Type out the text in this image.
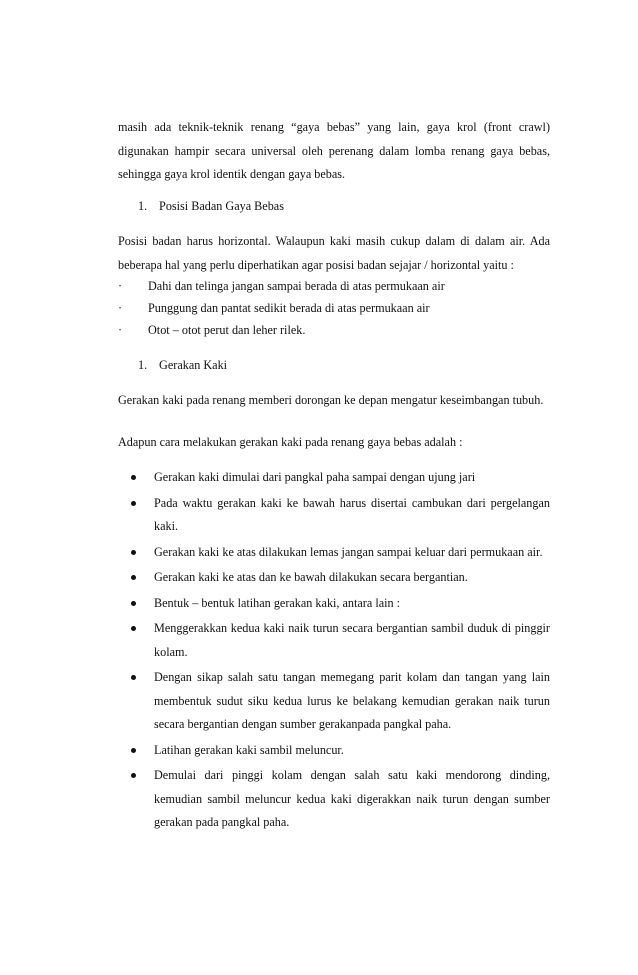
masih ada teknik-teknik renang “gaya bebas” yang lain, gaya krol (front crawl) digunakan hampir secara universal oleh perenang dalam lomba renang gaya bebas, sehingga gaya krol identik dengan gaya bebas.
1. Posisi Badan Gaya Bebas
Posisi badan harus horizontal. Walaupun kaki masih cukup dalam di dalam air. Ada beberapa hal yang perlu diperhatikan agar posisi badan sejajar / horizontal yaitu :
·	Dahi dan telinga jangan sampai berada di atas permukaan air
·	Punggung dan pantat sedikit berada di atas permukaan air
·	Otot – otot perut dan leher rilek.
1. Gerakan Kaki
Gerakan kaki pada renang memberi dorongan ke depan mengatur keseimbangan tubuh.
Adapun cara melakukan gerakan kaki pada renang gaya bebas adalah :
Gerakan kaki dimulai dari pangkal paha sampai dengan ujung jari
Pada waktu gerakan kaki ke bawah harus disertai cambukan dari pergelangan kaki.
Gerakan kaki ke atas dilakukan lemas jangan sampai keluar dari permukaan air.
Gerakan kaki ke atas dan ke bawah dilakukan secara bergantian.
Bentuk – bentuk latihan gerakan kaki, antara lain :
Menggerakkan kedua kaki naik turun secara bergantian sambil duduk di pinggir kolam.
Dengan sikap salah satu tangan memegang parit kolam dan tangan yang lain membentuk sudut siku kedua lurus ke belakang kemudian gerakan naik turun secara bergantian dengan sumber gerakanpada pangkal paha.
Latihan gerakan kaki sambil meluncur.
Demulai dari pinggi kolam dengan salah satu kaki mendorong dinding, kemudian sambil meluncur kedua kaki digerakkan naik turun dengan sumber gerakan pada pangkal paha.
